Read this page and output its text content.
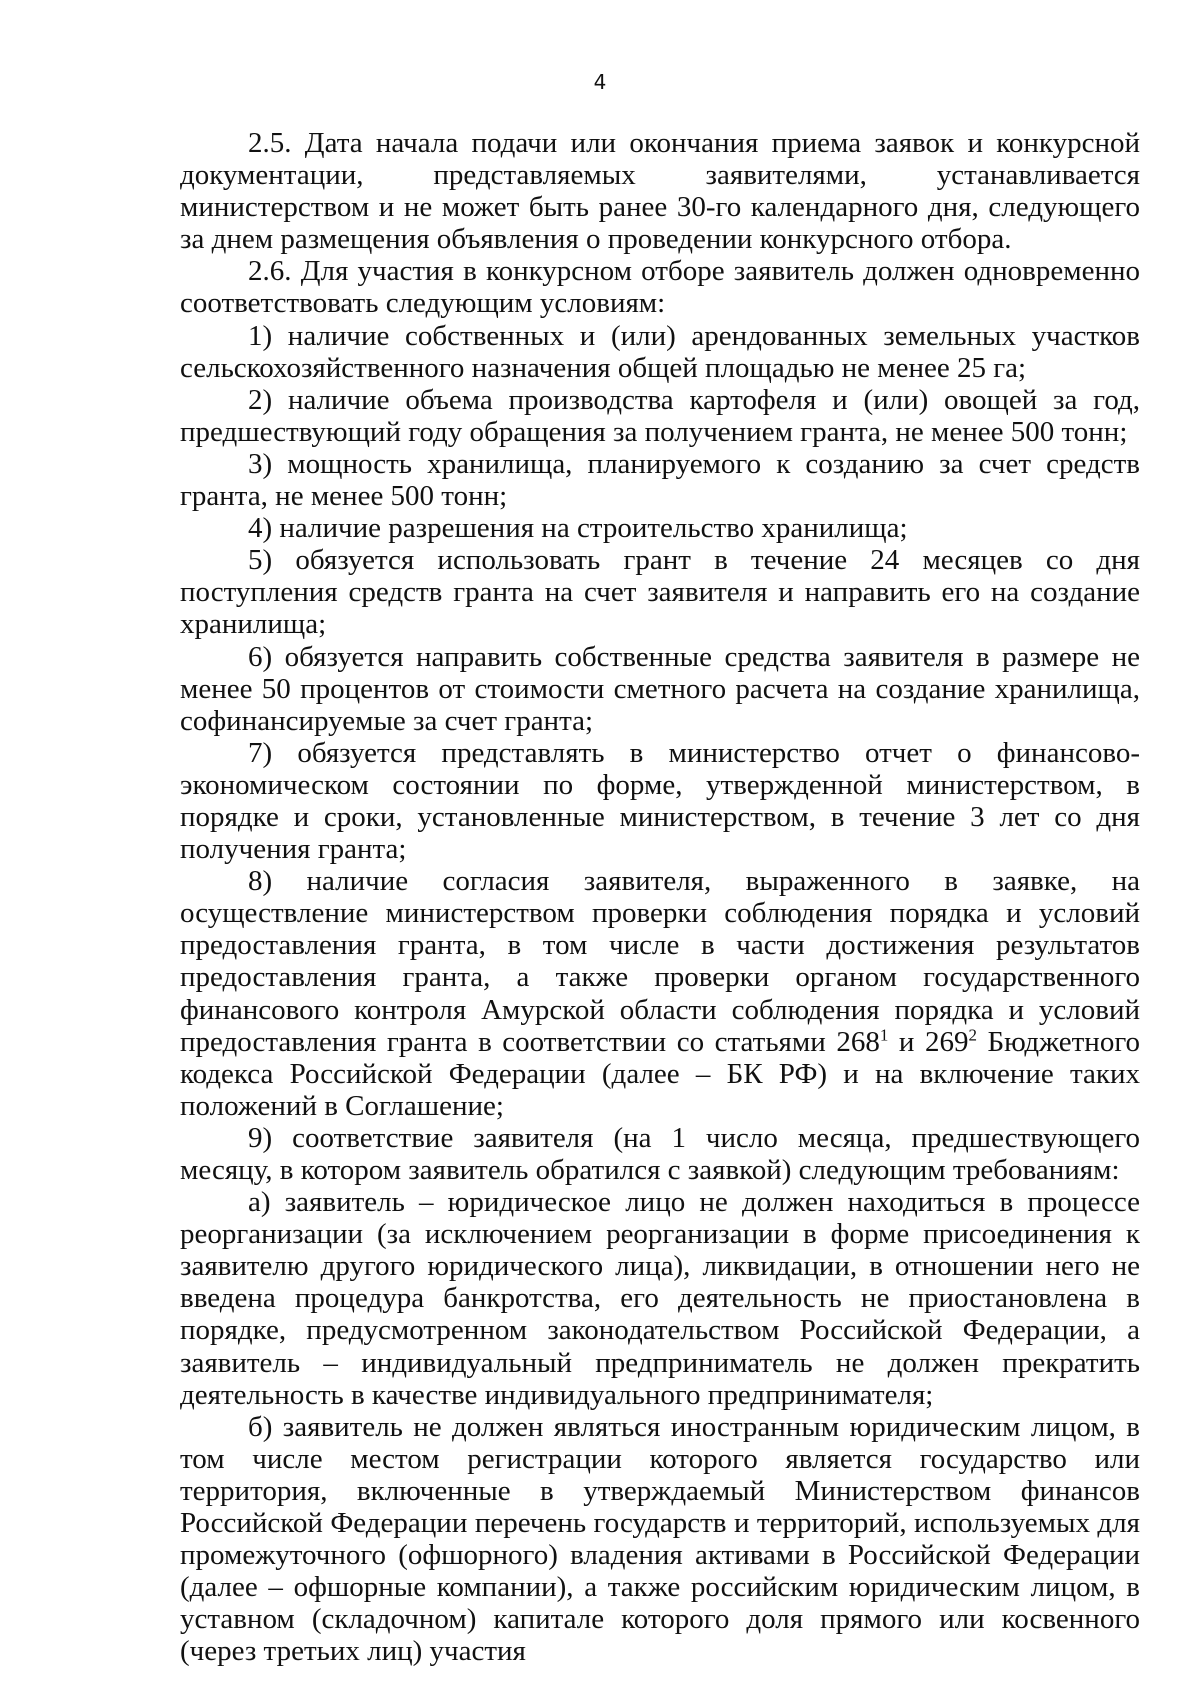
4

2.5. Дата начала подачи или окончания приема заявок и конкурсной документации, представляемых заявителями, устанавливается министерством и не может быть ранее 30-го календарного дня, следующего за днем размещения объявления о проведении конкурсного отбора.

2.6. Для участия в конкурсном отборе заявитель должен одновременно соответствовать следующим условиям:

1) наличие собственных и (или) арендованных земельных участков сельскохозяйственного назначения общей площадью не менее 25 га;

2) наличие объема производства картофеля и (или) овощей за год, предшествующий году обращения за получением гранта, не менее 500 тонн;

3) мощность хранилища, планируемого к созданию за счет средств гранта, не менее 500 тонн;

4) наличие разрешения на строительство хранилища;

5) обязуется использовать грант в течение 24 месяцев со дня поступления средств гранта на счет заявителя и направить его на создание хранилища;

6) обязуется направить собственные средства заявителя в размере не менее 50 процентов от стоимости сметного расчета на создание хранилища, софинансируемые за счет гранта;

7) обязуется представлять в министерство отчет о финансово-экономическом состоянии по форме, утвержденной министерством, в порядке и сроки, установленные министерством, в течение 3 лет со дня получения гранта;

8) наличие согласия заявителя, выраженного в заявке, на осуществление министерством проверки соблюдения порядка и условий предоставления гранта, в том числе в части достижения результатов предоставления гранта, а также проверки органом государственного финансового контроля Амурской области соблюдения порядка и условий предоставления гранта в соответствии со статьями $268^1$ и $269^2$ Бюджетного кодекса Российской Федерации (далее – БК РФ) и на включение таких положений в Соглашение;

9) соответствие заявителя (на 1 число месяца, предшествующего месяцу, в котором заявитель обратился с заявкой) следующим требованиям:

а) заявитель – юридическое лицо не должен находиться в процессе реорганизации (за исключением реорганизации в форме присоединения к заявителю другого юридического лица), ликвидации, в отношении него не введена процедура банкротства, его деятельность не приостановлена в порядке, предусмотренном законодательством Российской Федерации, а заявитель – индивидуальный предприниматель не должен прекратить деятельность в качестве индивидуального предпринимателя;

б) заявитель не должен являться иностранным юридическим лицом, в том числе местом регистрации которого является государство или территория, включенные в утверждаемый Министерством финансов Российской Федерации перечень государств и территорий, используемых для промежуточного (офшорного) владения активами в Российской Федерации (далее – офшорные компании), а также российским юридическим лицом, в уставном (складочном) капитале которого доля прямого или косвенного (через третьих лиц) участия
